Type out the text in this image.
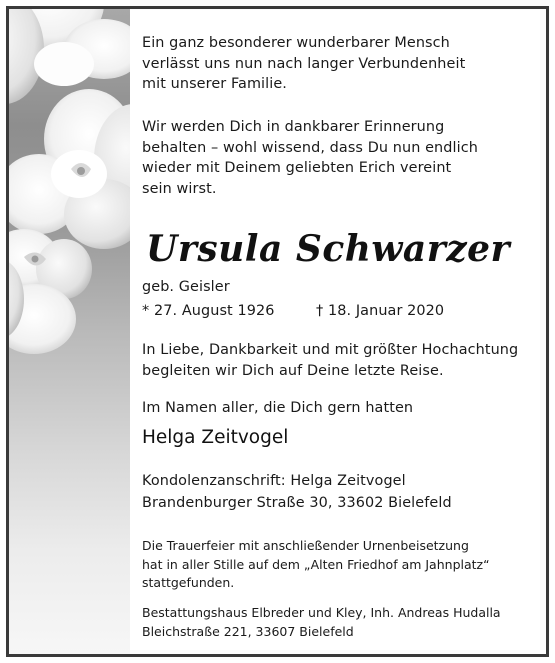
Ein ganz besonderer wunderbarer Mensch
verlässt uns nun nach langer Verbundenheit
mit unserer Familie.

Wir werden Dich in dankbarer Erinnerung
behalten – wohl wissend, dass Du nun endlich
wieder mit Deinem geliebten Erich vereint
sein wirst.

Ursula Schwarzer

geb. Geisler

* 27. August 1926	† 18. Januar 2020

In Liebe, Dankbarkeit und mit größter Hochachtung
begleiten wir Dich auf Deine letzte Reise.

Im Namen aller, die Dich gern hatten

Helga Zeitvogel

Kondolenzanschrift: Helga Zeitvogel
Brandenburger Straße 30, 33602 Bielefeld

Die Trauerfeier mit anschließender Urnenbeisetzung
hat in aller Stille auf dem „Alten Friedhof am Jahnplatz“
stattgefunden.

Bestattungshaus Elbreder und Kley, Inh. Andreas Hudalla
Bleichstraße 221, 33607 Bielefeld
